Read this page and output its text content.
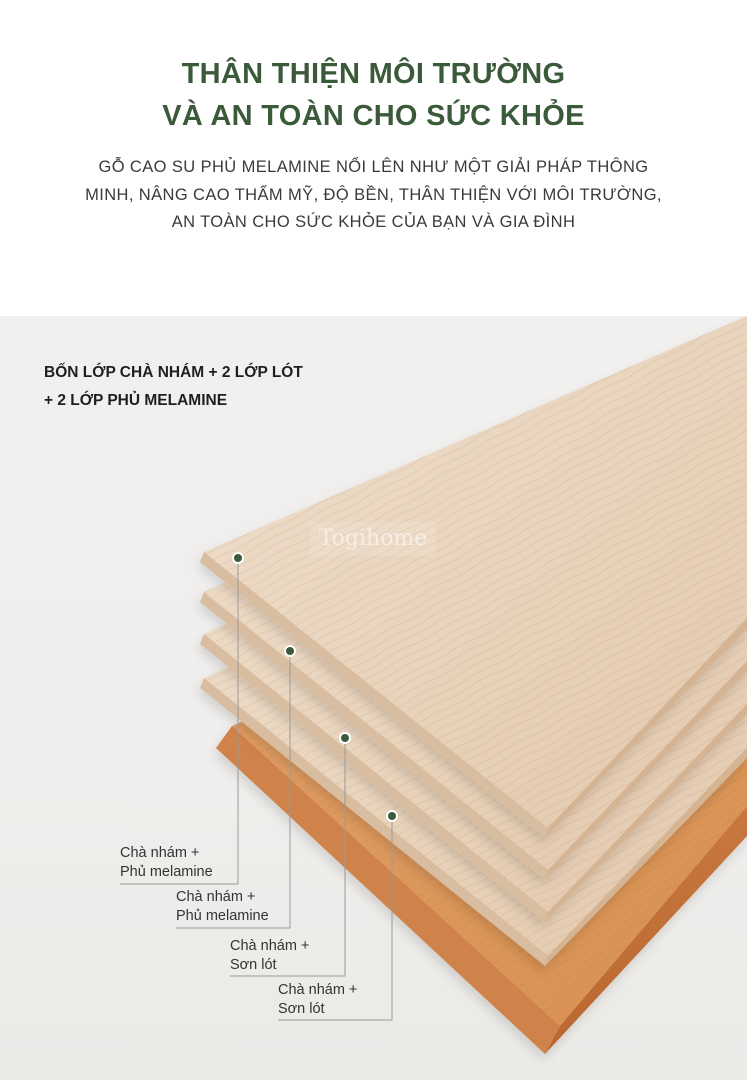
THÂN THIỆN MÔI TRƯỜNG
VÀ AN TOÀN CHO SỨC KHỎE

GỖ CAO SU PHỦ MELAMINE NỔI LÊN NHƯ MỘT GIẢI PHÁP THÔNG

MINH, NÂNG CAO THẨM MỸ, ĐỘ BỀN, THÂN THIỆN VỚI MÔI TRƯỜNG,

AN TOÀN CHO SỨC KHỎE CỦA BẠN VÀ GIA ĐÌNH

Togihome

BỐN LỚP CHÀ NHÁM + 2 LỚP LÓT

+ 2 LỚP PHỦ MELAMINE

Chà nhám +
Phủ melamine
Chà nhám +
Phủ melamine
Chà nhám +
Sơn lót
Chà nhám +
Sơn lót
